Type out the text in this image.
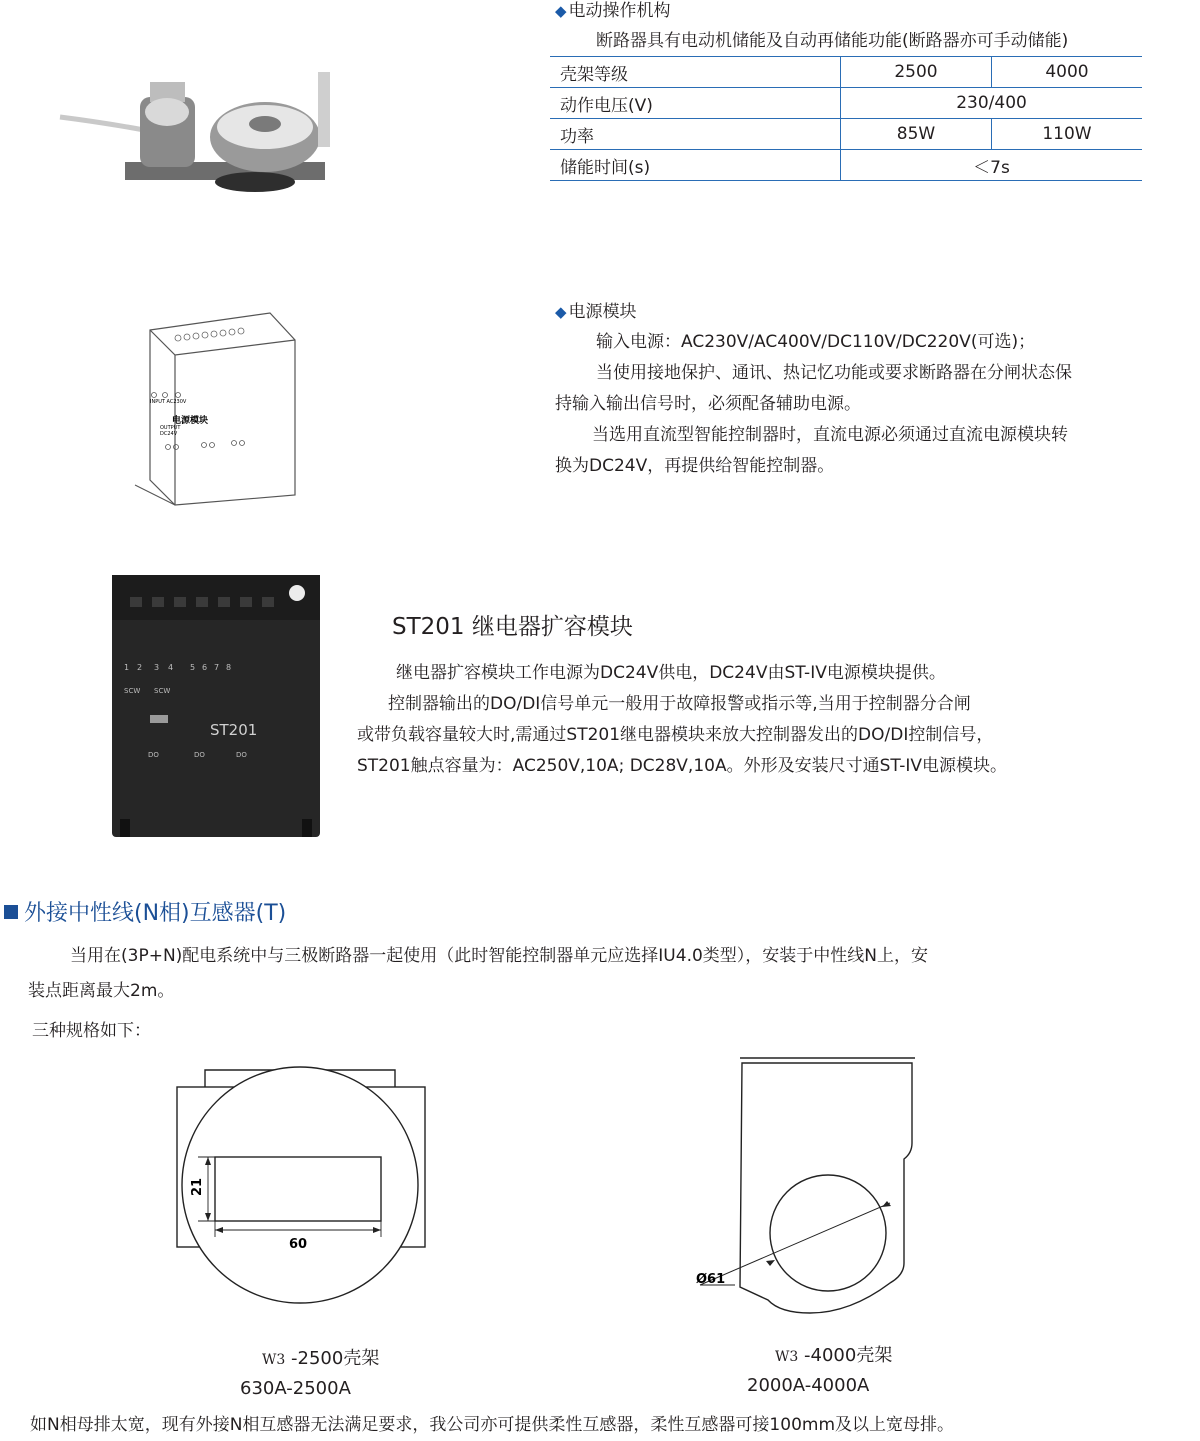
◆ 电动操作机构
断路器具有电动机储能及自动再储能功能(断路器亦可手动储能)
壳架等级	2500	4000
动作电压(V)	230/400	
功率	85W	110W
储能时间(s)	＜7s	
INPUT AC230V
电源模块
OUTPUT
DC24V
◆ 电源模块
输入电源：AC230V/AC400V/DC110V/DC220V(可选)；
当使用接地保护、通讯、热记忆功能或要求断路器在分闸状态保
持输入输出信号时，必须配备辅助电源。
当选用直流型智能控制器时，直流电源必须通过直流电源模块转
换为DC24V，再提供给智能控制器。
1 2 3 4 5 6 7 8
SCW SCW
ST201
DO	DO	DO
ST201 继电器扩容模块
继电器扩容模块工作电源为DC24V供电，DC24V由ST-IV电源模块提供。
控制器输出的DO/DI信号单元一般用于故障报警或指示等,当用于控制器分合闸
或带负载容量较大时,需通过ST201继电器模块来放大控制器发出的DO/DI控制信号，
ST201触点容量为：AC250V,10A; DC28V,10A。外形及安装尺寸通ST-IV电源模块。
外接中性线(N相)互感器(T)
当用在(3P+N)配电系统中与三极断路器一起使用（此时智能控制器单元应选择IU4.0类型），安装于中性线N上，安
装点距离最大2m。
三种规格如下：
21
60
Ø61
W3 -2500壳架
630A-2500A
W3 -4000壳架
2000A-4000A
如N相母排太宽，现有外接N相互感器无法满足要求，我公司亦可提供柔性互感器，柔性互感器可接100mm及以上宽母排。
